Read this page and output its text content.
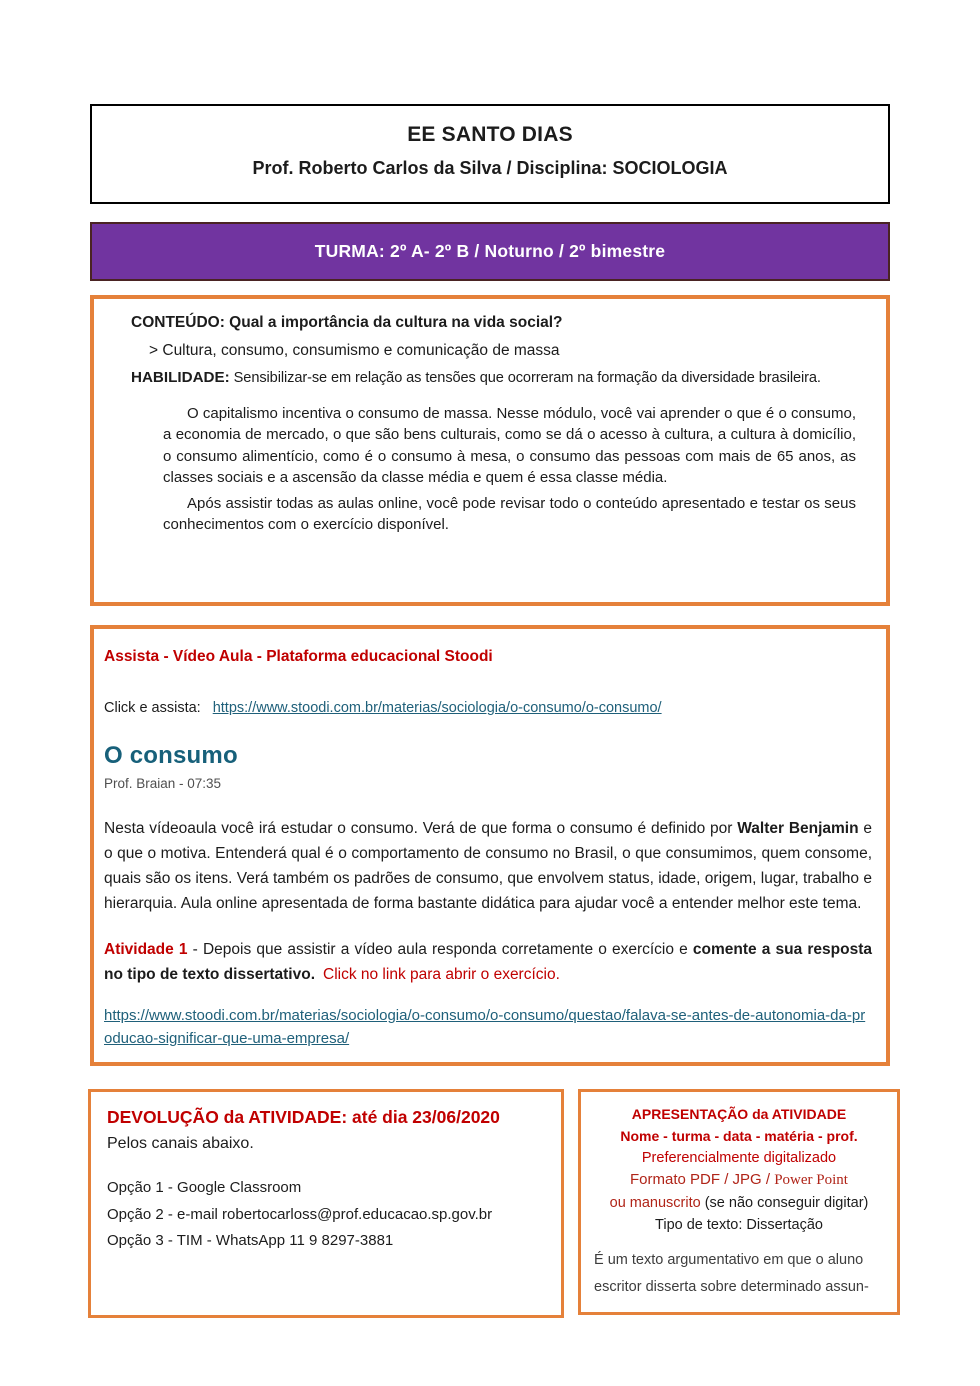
EE SANTO DIAS
Prof. Roberto Carlos da Silva / Disciplina: SOCIOLOGIA
TURMA: 2º A- 2º B / Noturno / 2º bimestre
CONTEÚDO: Qual a importância da cultura na vida social?
> Cultura, consumo, consumismo e comunicação de massa
HABILIDADE: Sensibilizar-se em relação as tensões que ocorreram na formação da diversidade brasileira.

O capitalismo incentiva o consumo de massa. Nesse módulo, você vai aprender o que é o consumo, a economia de mercado, o que são bens culturais, como se dá o acesso à cultura, a cultura à domicílio, o consumo alimentício, como é o consumo à mesa, o consumo das pessoas com mais de 65 anos, as classes sociais e a ascensão da classe média e quem é essa classe média.

Após assistir todas as aulas online, você pode revisar todo o conteúdo apresentado e testar os seus conhecimentos com o exercício disponível.

Assista - Vídeo Aula - Plataforma educacional Stoodi
Click e assista: https://www.stoodi.com.br/materias/sociologia/o-consumo/o-consumo/
O consumo
Prof. Braian - 07:35

Nesta vídeoaula você irá estudar o consumo. Verá de que forma o consumo é definido por Walter Benjamin e o que o motiva. Entenderá qual é o comportamento de consumo no Brasil, o que consumimos, quem consome, quais são os itens. Verá também os padrões de consumo, que envolvem status, idade, origem, lugar, trabalho e hierarquia. Aula online apresentada de forma bastante didática para ajudar você a entender melhor este tema.

Atividade 1 - Depois que assistir a vídeo aula responda corretamente o exercício e comente a sua resposta no tipo de texto dissertativo. Click no link para abrir o exercício.

https://www.stoodi.com.br/materias/sociologia/o-consumo/o-consumo/questao/falava-se-antes-de-autonomia-da-producao-significar-que-uma-empresa/
DEVOLUÇÃO da ATIVIDADE: até dia 23/06/2020
Pelos canais abaixo.
Opção 1 - Google Classroom
Opção 2 - e-mail robertocarloss@prof.educacao.sp.gov.br
Opção 3 - TIM - WhatsApp 11 9 8297-3881
APRESENTAÇÃO da ATIVIDADE
Nome - turma - data - matéria - prof.
Preferencialmente digitalizado
Formato PDF / JPG / Power Point
ou manuscrito (se não conseguir digitar)
Tipo de texto: Dissertação

É um texto argumentativo em que o aluno escritor disserta sobre determinado assun-
